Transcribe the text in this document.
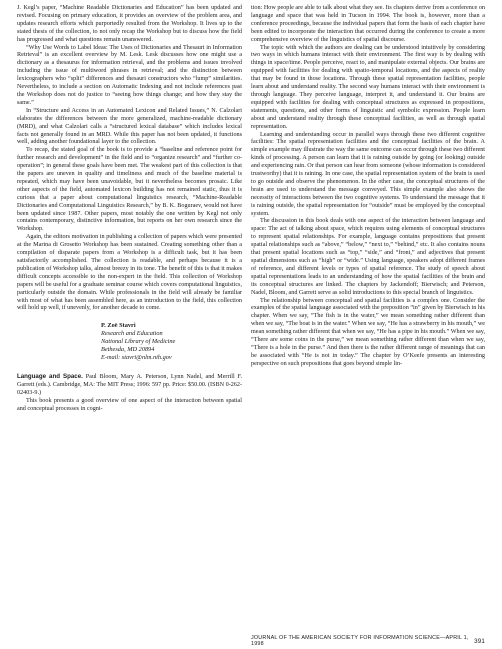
J. Kegl’s paper, “Machine Readable Dictionaries and Education” has been updated and revised. Focusing on primary education, it provides an overview of the problem area, and updates research efforts which purportedly resulted from the Workshop. It lives up to the stated thesis of the collection, to not only recap the Workshop but to discuss how the field has progressed and what questions remain unanswered.

“Why Use Words to Label Ideas: The Uses of Dictionaries and Thesauri in Information Retrieval” is an excellent overview by M. Lesk. Lesk discusses how one might use a dictionary as a thesaurus for information retrieval, and the problems and issues involved including the issue of multiword phrases in retrieval; and the distinction between lexicographers who “split” differences and thesauri constructors who “lump” similarities. Nevertheless, to include a section on Automatic Indexing and not include references past the Workshop does not do justice to “seeing how things change; and how they stay the same.”

In “Structure and Access in an Automated Lexicon and Related Issues,” N. Calzolari elaborates the differences between the more generalized, machine-readable dictionary (MRD), and what Calzolari calls a “structured lexical database” which includes lexical facts not generally found in an MRD. While this paper has not been updated, it functions well, adding another foundational layer to the collection.

To recap, the stated goal of the book is to provide a “baseline and reference point for further research and development” in the field and to “organize research” and “further co-operation”; in general these goals have been met. The weakest part of this collection is that the papers are uneven in quality and timeliness and much of the baseline material is repeated, which may have been unavoidable, but it nevertheless becomes prosaic. Like other aspects of the field, automated lexicon building has not remained static, thus it is curious that a paper about computational linguistics research, “Machine-Readable Dictionaries and Computational Linguistics Research,” by B. K. Boguraev, would not have been updated since 1987. Other papers, most notably the one written by Kegl not only contains contemporary, distinctive information, but reports on her own research since the Workshop.

Again, the editors motivation in publishing a collection of papers which were presented at the Marina di Grosetto Workshop has been sustained. Creating something other than a compilation of disparate papers from a Workshop is a difficult task, but it has been satisfactorily accomplished. The collection is readable, and perhaps because it is a publication of Workshop talks, almost breezy in its tone. The benefit of this is that it makes difficult concepts accessible to the non-expert in the field. This collection of Workshop papers will be useful for a graduate seminar course which covers computational linguistics, particularly outside the domain. While professionals in the field will already be familiar with most of what has been assembled here, as an introduction to the field, this collection will hold up well, if unevenly, for another decade to come.

P. Zoë Stavri
Research and Education
National Library of Medicine
Bethesda, MD 20894
E-mail: stavri@nlm.nih.gov

Language and Space. Paul Bloom, Mary A. Peterson, Lynn Nadel, and Merrill F. Garrett (eds.). Cambridge, MA: The MIT Press; 1996: 597 pp. Price: $50.00. (ISBN 0-262-02403-9.)

This book presents a good overview of one aspect of the interaction between spatial and conceptual processes in cogni-

tion: How people are able to talk about what they see. Its chapters derive from a conference on language and space that was held in Tucson in 1994. The book is, however, more than a conference proceedings, because the individual papers that form the basis of each chapter have been edited to incorporate the interaction that occurred during the conference to create a more comprehensive overview of the linguistics of spatial discourse.

The topic with which the authors are dealing can be understood intuitively by considering two ways in which humans interact with their environment. The first way is by dealing with things in space/time. People perceive, react to, and manipulate external objects. Our brains are equipped with facilities for dealing with spatio-temporal locations, and the aspects of reality that may be found in those locations. Through these spatial representation facilities, people learn about and understand reality. The second way humans interact with their environment is through language. They perceive language, interpret it, and understand it. Our brains are equipped with facilities for dealing with conceptual structures as expressed in propositions, statements, questions, and other forms of linguistic and symbolic expression. People learn about and understand reality through these conceptual facilities, as well as through spatial representation.

Learning and understanding occur in parallel ways through these two different cognitive facilities: The spatial representation facilities and the conceptual facilities of the brain. A simple example may illustrate the way the same outcome can occur through these two different kinds of processing. A person can learn that it is raining outside by going (or looking) outside and experiencing rain. Or that person can hear from someone (whose information is considered trustworthy) that it is raining. In one case, the spatial representation system of the brain is used to go outside and observe the phenomenon. In the other case, the conceptual structures of the brain are used to understand the message conveyed. This simple example also shows the necessity of interactions between the two cognitive systems. To understand the message that it is raining outside, the spatial representation for “outside” must be employed by the conceptual system.

The discussion in this book deals with one aspect of the interaction between language and space: The act of talking about space, which requires using elements of conceptual structures to represent spatial relationships. For example, language contains prepositions that present spatial relationships such as “above,” “below,” “next to,” “behind,” etc. It also contains nouns that present spatial locations such as “top,” “side,” and “front,” and adjectives that present spatial dimensions such as “high” or “wide.” Using language, speakers adopt different frames of reference, and different levels or types of spatial reference. The study of speech about spatial representations leads to an understanding of how the spatial facilities of the brain and its conceptual structures are linked. The chapters by Jackendoff; Bierwisch; and Peterson, Nadel, Bloom, and Garrett serve as solid introductions to this special branch of linguistics.

The relationship between conceptual and spatial facilities is a complex one. Consider the examples of the spatial language associated with the preposition “in” given by Bierwisch in his chapter. When we say, “The fish is in the water,” we mean something rather different than when we say, “The boat is in the water.” When we say, “He has a strawberry in his mouth,” we mean something rather different that when we say, “He has a pipe in his mouth.” When we say, “There are some coins in the purse,” we mean something rather different than when we say, “There is a hole in the purse.” And then there is the rather different range of meanings that can be associated with “He is not in today.” The chapter by O’Keefe presents an interesting perspective on such prepositions that goes beyond simple lin-

JOURNAL OF THE AMERICAN SOCIETY FOR INFORMATION SCIENCE—APRIL 1, 1998	391
